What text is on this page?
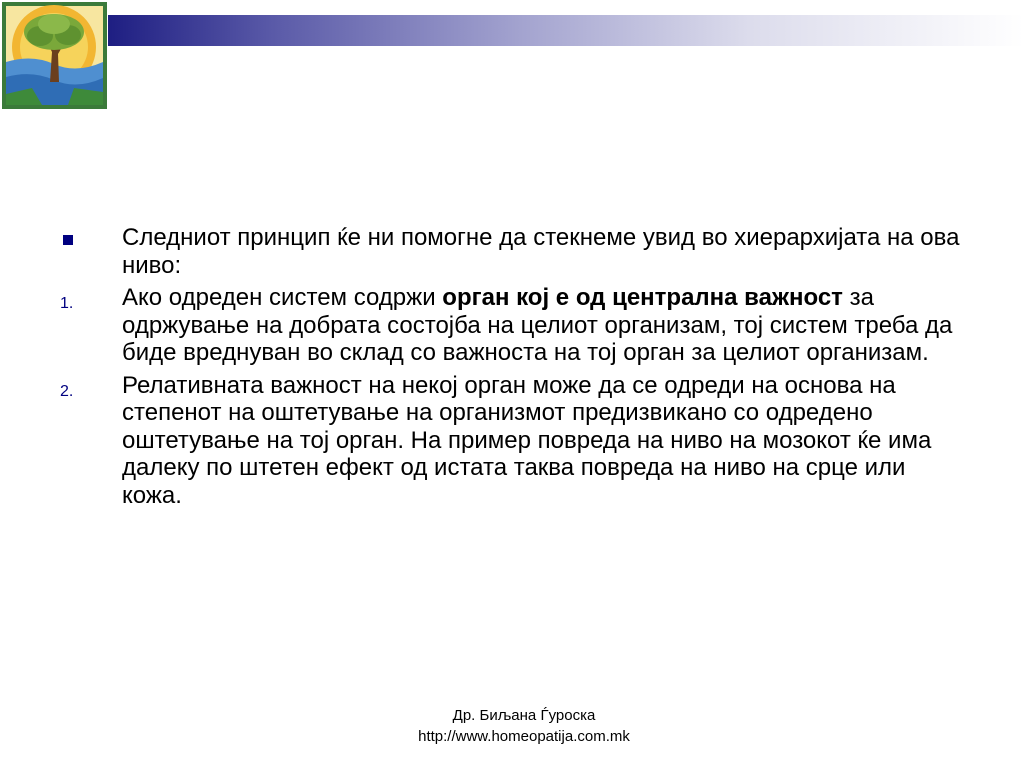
Следниот принцип ќе ни помогне да стекнеме увид во хиерархијата на ова ниво:
1. Ако одреден систем содржи орган кој е од централна важност за одржување на добрата состојба на целиот организам, тој систем треба да биде вреднуван во склад со важноста на тој орган за целиот организам.
2. Релативната важност на некој орган може да се одреди на основа на степенот на оштетување на организмот предизвикано со одредено оштетување на тој орган. На пример повреда на ниво на мозокот ќе има далеку по штетен ефект од истата таква повреда на ниво на срце или кожа.
Др. Биљана Ѓуроска
http://www.homeopatija.com.mk
